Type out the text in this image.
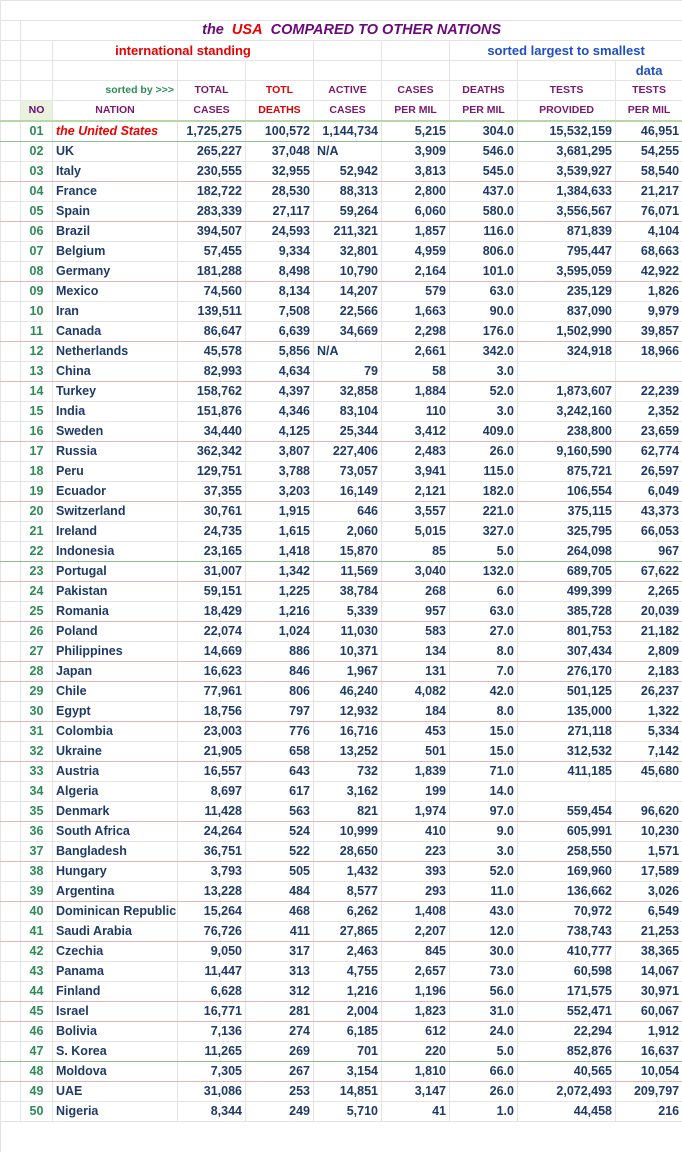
	the USA COMPARED TO OTHER NATIONS								
		international standing					sorted largest to smallest		
									data
		sorted by >>>	TOTAL	TOTL	ACTIVE	CASES	DEATHS	TESTS	TESTS
	NO	NATION	CASES	DEATHS	CASES	PER MIL	PER MIL	PROVIDED	PER MIL
	01	the United States	1,725,275	100,572	1,144,734	5,215	304.0	15,532,159	46,951
	02	UK	265,227	37,048	N/A	3,909	546.0	3,681,295	54,255
	03	Italy	230,555	32,955	52,942	3,813	545.0	3,539,927	58,540
	04	France	182,722	28,530	88,313	2,800	437.0	1,384,633	21,217
	05	Spain	283,339	27,117	59,264	6,060	580.0	3,556,567	76,071
	06	Brazil	394,507	24,593	211,321	1,857	116.0	871,839	4,104
	07	Belgium	57,455	9,334	32,801	4,959	806.0	795,447	68,663
	08	Germany	181,288	8,498	10,790	2,164	101.0	3,595,059	42,922
	09	Mexico	74,560	8,134	14,207	579	63.0	235,129	1,826
	10	Iran	139,511	7,508	22,566	1,663	90.0	837,090	9,979
	11	Canada	86,647	6,639	34,669	2,298	176.0	1,502,990	39,857
	12	Netherlands	45,578	5,856	N/A	2,661	342.0	324,918	18,966
	13	China	82,993	4,634	79	58	3.0		
	14	Turkey	158,762	4,397	32,858	1,884	52.0	1,873,607	22,239
	15	India	151,876	4,346	83,104	110	3.0	3,242,160	2,352
	16	Sweden	34,440	4,125	25,344	3,412	409.0	238,800	23,659
	17	Russia	362,342	3,807	227,406	2,483	26.0	9,160,590	62,774
	18	Peru	129,751	3,788	73,057	3,941	115.0	875,721	26,597
	19	Ecuador	37,355	3,203	16,149	2,121	182.0	106,554	6,049
	20	Switzerland	30,761	1,915	646	3,557	221.0	375,115	43,373
	21	Ireland	24,735	1,615	2,060	5,015	327.0	325,795	66,053
	22	Indonesia	23,165	1,418	15,870	85	5.0	264,098	967
	23	Portugal	31,007	1,342	11,569	3,040	132.0	689,705	67,622
	24	Pakistan	59,151	1,225	38,784	268	6.0	499,399	2,265
	25	Romania	18,429	1,216	5,339	957	63.0	385,728	20,039
	26	Poland	22,074	1,024	11,030	583	27.0	801,753	21,182
	27	Philippines	14,669	886	10,371	134	8.0	307,434	2,809
	28	Japan	16,623	846	1,967	131	7.0	276,170	2,183
	29	Chile	77,961	806	46,240	4,082	42.0	501,125	26,237
	30	Egypt	18,756	797	12,932	184	8.0	135,000	1,322
	31	Colombia	23,003	776	16,716	453	15.0	271,118	5,334
	32	Ukraine	21,905	658	13,252	501	15.0	312,532	7,142
	33	Austria	16,557	643	732	1,839	71.0	411,185	45,680
	34	Algeria	8,697	617	3,162	199	14.0		
	35	Denmark	11,428	563	821	1,974	97.0	559,454	96,620
	36	South Africa	24,264	524	10,999	410	9.0	605,991	10,230
	37	Bangladesh	36,751	522	28,650	223	3.0	258,550	1,571
	38	Hungary	3,793	505	1,432	393	52.0	169,960	17,589
	39	Argentina	13,228	484	8,577	293	11.0	136,662	3,026
	40	Dominican Republic	15,264	468	6,262	1,408	43.0	70,972	6,549
	41	Saudi Arabia	76,726	411	27,865	2,207	12.0	738,743	21,253
	42	Czechia	9,050	317	2,463	845	30.0	410,777	38,365
	43	Panama	11,447	313	4,755	2,657	73.0	60,598	14,067
	44	Finland	6,628	312	1,216	1,196	56.0	171,575	30,971
	45	Israel	16,771	281	2,004	1,823	31.0	552,471	60,067
	46	Bolivia	7,136	274	6,185	612	24.0	22,294	1,912
	47	S. Korea	11,265	269	701	220	5.0	852,876	16,637
	48	Moldova	7,305	267	3,154	1,810	66.0	40,565	10,054
	49	UAE	31,086	253	14,851	3,147	26.0	2,072,493	209,797
	50	Nigeria	8,344	249	5,710	41	1.0	44,458	216
